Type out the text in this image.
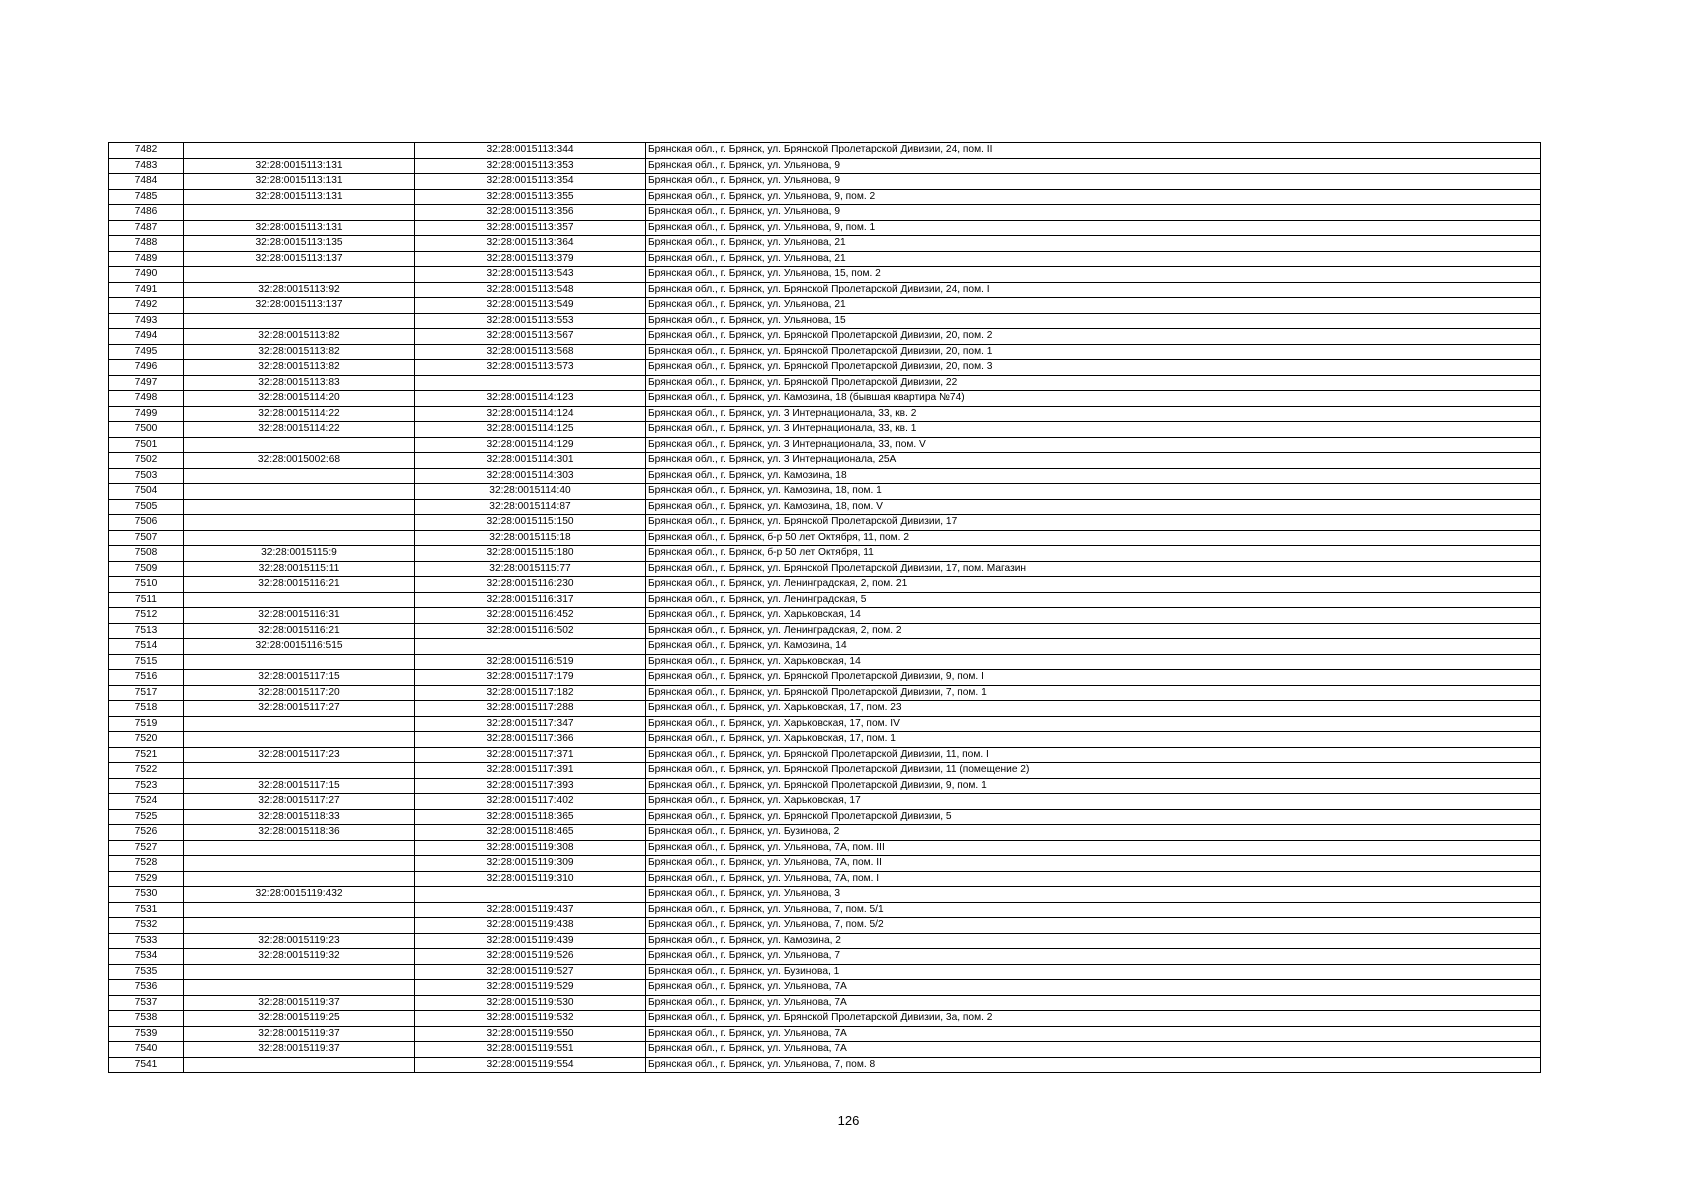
7482		32:28:0015113:344	Брянская обл., г. Брянск, ул. Брянской Пролетарской Дивизии, 24, пом. II
7483	32:28:0015113:131	32:28:0015113:353	Брянская обл., г. Брянск, ул. Ульянова, 9
7484	32:28:0015113:131	32:28:0015113:354	Брянская обл., г. Брянск, ул. Ульянова, 9
7485	32:28:0015113:131	32:28:0015113:355	Брянская обл., г. Брянск, ул. Ульянова, 9, пом. 2
7486		32:28:0015113:356	Брянская обл., г. Брянск, ул. Ульянова, 9
7487	32:28:0015113:131	32:28:0015113:357	Брянская обл., г. Брянск, ул. Ульянова, 9, пом. 1
7488	32:28:0015113:135	32:28:0015113:364	Брянская обл., г. Брянск, ул. Ульянова, 21
7489	32:28:0015113:137	32:28:0015113:379	Брянская обл., г. Брянск, ул. Ульянова, 21
7490		32:28:0015113:543	Брянская обл., г. Брянск, ул. Ульянова, 15, пом. 2
7491	32:28:0015113:92	32:28:0015113:548	Брянская обл., г. Брянск, ул. Брянской Пролетарской Дивизии, 24, пом. I
7492	32:28:0015113:137	32:28:0015113:549	Брянская обл., г. Брянск, ул. Ульянова, 21
7493		32:28:0015113:553	Брянская обл., г. Брянск, ул. Ульянова, 15
7494	32:28:0015113:82	32:28:0015113:567	Брянская обл., г. Брянск, ул. Брянской Пролетарской Дивизии, 20, пом. 2
7495	32:28:0015113:82	32:28:0015113:568	Брянская обл., г. Брянск, ул. Брянской Пролетарской Дивизии, 20, пом. 1
7496	32:28:0015113:82	32:28:0015113:573	Брянская обл., г. Брянск, ул. Брянской Пролетарской Дивизии, 20, пом. 3
7497	32:28:0015113:83		Брянская обл., г. Брянск, ул. Брянской Пролетарской Дивизии, 22
7498	32:28:0015114:20	32:28:0015114:123	Брянская обл., г. Брянск, ул. Камозина, 18 (бывшая квартира №74)
7499	32:28:0015114:22	32:28:0015114:124	Брянская обл., г. Брянск, ул. 3 Интернационала, 33, кв. 2
7500	32:28:0015114:22	32:28:0015114:125	Брянская обл., г. Брянск, ул. 3 Интернационала, 33, кв. 1
7501		32:28:0015114:129	Брянская обл., г. Брянск, ул. 3 Интернационала, 33, пом. V
7502	32:28:0015002:68	32:28:0015114:301	Брянская обл., г. Брянск, ул. 3 Интернационала, 25А
7503		32:28:0015114:303	Брянская обл., г. Брянск, ул. Камозина, 18
7504		32:28:0015114:40	Брянская обл., г. Брянск, ул. Камозина, 18, пом. 1
7505		32:28:0015114:87	Брянская обл., г. Брянск, ул. Камозина, 18, пом. V
7506		32:28:0015115:150	Брянская обл., г. Брянск, ул. Брянской Пролетарской Дивизии, 17
7507		32:28:0015115:18	Брянская обл., г. Брянск, б-р 50 лет Октября, 11, пом. 2
7508	32:28:0015115:9	32:28:0015115:180	Брянская обл., г. Брянск, б-р 50 лет Октября, 11
7509	32:28:0015115:11	32:28:0015115:77	Брянская обл., г. Брянск, ул. Брянской Пролетарской Дивизии, 17, пом. Магазин
7510	32:28:0015116:21	32:28:0015116:230	Брянская обл., г. Брянск, ул. Ленинградская, 2, пом. 21
7511		32:28:0015116:317	Брянская обл., г. Брянск, ул. Ленинградская, 5
7512	32:28:0015116:31	32:28:0015116:452	Брянская обл., г. Брянск, ул. Харьковская, 14
7513	32:28:0015116:21	32:28:0015116:502	Брянская обл., г. Брянск, ул. Ленинградская, 2, пом. 2
7514	32:28:0015116:515		Брянская обл., г. Брянск, ул. Камозина, 14
7515		32:28:0015116:519	Брянская обл., г. Брянск, ул. Харьковская, 14
7516	32:28:0015117:15	32:28:0015117:179	Брянская обл., г. Брянск, ул. Брянской Пролетарской Дивизии, 9, пом. I
7517	32:28:0015117:20	32:28:0015117:182	Брянская обл., г. Брянск, ул. Брянской Пролетарской Дивизии, 7, пом. 1
7518	32:28:0015117:27	32:28:0015117:288	Брянская обл., г. Брянск, ул. Харьковская, 17, пом. 23
7519		32:28:0015117:347	Брянская обл., г. Брянск, ул. Харьковская, 17, пом. IV
7520		32:28:0015117:366	Брянская обл., г. Брянск, ул. Харьковская, 17, пом. 1
7521	32:28:0015117:23	32:28:0015117:371	Брянская обл., г. Брянск, ул. Брянской Пролетарской Дивизии, 11, пом. I
7522		32:28:0015117:391	Брянская обл., г. Брянск, ул. Брянской Пролетарской Дивизии, 11 (помещение 2)
7523	32:28:0015117:15	32:28:0015117:393	Брянская обл., г. Брянск, ул. Брянской Пролетарской Дивизии, 9, пом. 1
7524	32:28:0015117:27	32:28:0015117:402	Брянская обл., г. Брянск, ул. Харьковская, 17
7525	32:28:0015118:33	32:28:0015118:365	Брянская обл., г. Брянск, ул. Брянской Пролетарской Дивизии, 5
7526	32:28:0015118:36	32:28:0015118:465	Брянская обл., г. Брянск, ул. Бузинова, 2
7527		32:28:0015119:308	Брянская обл., г. Брянск, ул. Ульянова, 7А, пом. III
7528		32:28:0015119:309	Брянская обл., г. Брянск, ул. Ульянова, 7А, пом. II
7529		32:28:0015119:310	Брянская обл., г. Брянск, ул. Ульянова, 7А, пом. I
7530	32:28:0015119:432		Брянская обл., г. Брянск, ул. Ульянова, 3
7531		32:28:0015119:437	Брянская обл., г. Брянск, ул. Ульянова, 7, пом. 5/1
7532		32:28:0015119:438	Брянская обл., г. Брянск, ул. Ульянова, 7, пом. 5/2
7533	32:28:0015119:23	32:28:0015119:439	Брянская обл., г. Брянск, ул. Камозина, 2
7534	32:28:0015119:32	32:28:0015119:526	Брянская обл., г. Брянск, ул. Ульянова, 7
7535		32:28:0015119:527	Брянская обл., г. Брянск, ул. Бузинова, 1
7536		32:28:0015119:529	Брянская обл., г. Брянск, ул. Ульянова, 7А
7537	32:28:0015119:37	32:28:0015119:530	Брянская обл., г. Брянск, ул. Ульянова, 7А
7538	32:28:0015119:25	32:28:0015119:532	Брянская обл., г. Брянск, ул. Брянской Пролетарской Дивизии, 3а, пом. 2
7539	32:28:0015119:37	32:28:0015119:550	Брянская обл., г. Брянск, ул. Ульянова, 7А
7540	32:28:0015119:37	32:28:0015119:551	Брянская обл., г. Брянск, ул. Ульянова, 7А
7541		32:28:0015119:554	Брянская обл., г. Брянск, ул. Ульянова, 7, пом. 8
126
